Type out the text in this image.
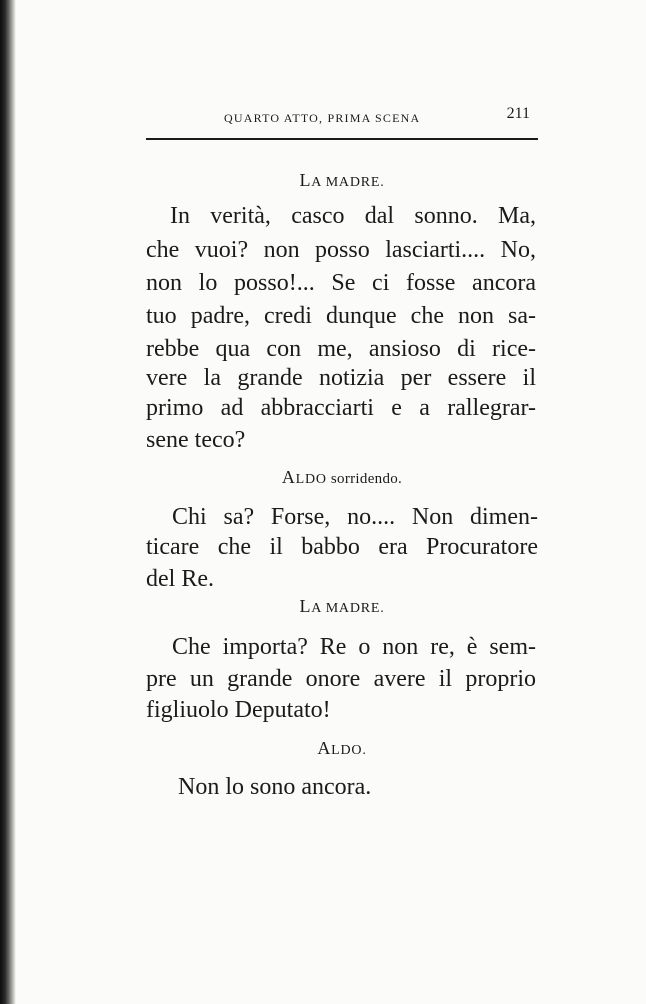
QUARTO ATTO, PRIMA SCENA	211
LA MADRE.
In verità, casco dal sonno. Ma,
che vuoi? non posso lasciarti.... No,
non lo posso!... Se ci fosse ancora
tuo padre, credi dunque che non sa-
rebbe qua con me, ansioso di rice-
vere la grande notizia per essere il
primo ad abbracciarti e a rallegrar-
sene teco?
ALDO sorridendo.
Chi sa? Forse, no.... Non dimen-
ticare che il babbo era Procuratore
del Re.
LA MADRE.
Che importa? Re o non re, è sem-
pre un grande onore avere il proprio
figliuolo Deputato!
ALDO.
Non lo sono ancora.
